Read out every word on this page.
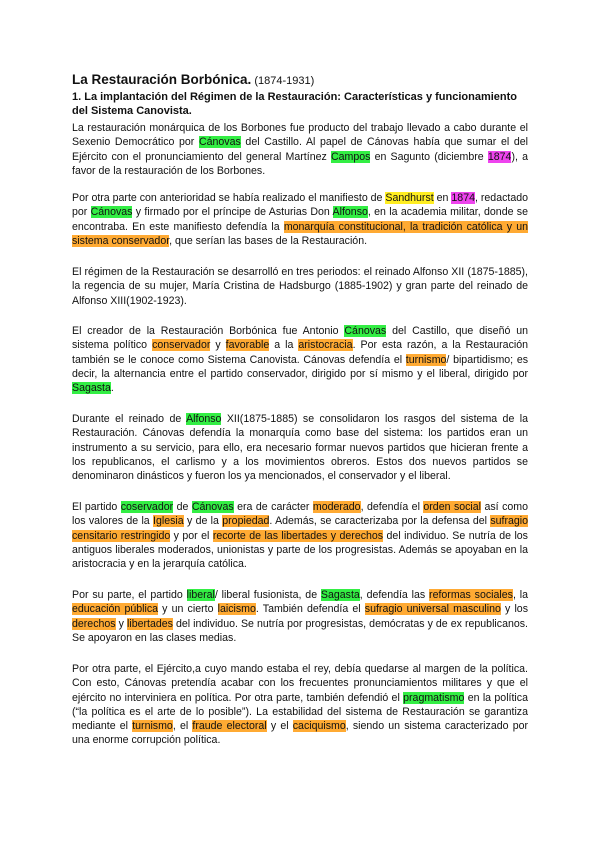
La Restauración Borbónica. (1874-1931)
1. La implantación del Régimen de la Restauración: Características y funcionamiento del Sistema Canovista.
La restauración monárquica de los Borbones fue producto del trabajo llevado a cabo durante el Sexenio Democrático por Cánovas del Castillo. Al papel de Cánovas había que sumar el del Ejército con el pronunciamiento del general Martínez Campos en Sagunto (diciembre 1874), a favor de la restauración de los Borbones.
Por otra parte con anterioridad se había realizado el manifiesto de Sandhurst en 1874, redactado por Cánovas y firmado por el príncipe de Asturias Don Alfonso, en la academia militar, donde se encontraba. En este manifiesto defendía la monarquía constitucional, la tradición católica y un sistema conservador, que serían las bases de la Restauración.
El régimen de la Restauración se desarrolló en tres periodos: el reinado Alfonso XII (1875-1885), la regencia de su mujer, María Cristina de Hadsburgo (1885-1902) y gran parte del reinado de Alfonso XIII(1902-1923).
El creador de la Restauración Borbónica fue Antonio Cánovas del Castillo, que diseñó un sistema político conservador y favorable a la aristocracia. Por esta razón, a la Restauración también se le conoce como Sistema Canovista. Cánovas defendía el turnismo/ bipartidismo; es decir, la alternancia entre el partido conservador, dirigido por sí mismo y el liberal, dirigido por Sagasta.
Durante el reinado de Alfonso XII(1875-1885) se consolidaron los rasgos del sistema de la Restauración. Cánovas defendía la monarquía como base del sistema: los partidos eran un instrumento a su servicio, para ello, era necesario formar nuevos partidos que hicieran frente a los republicanos, el carlismo y a los movimientos obreros. Estos dos nuevos partidos se denominaron dinásticos y fueron los ya mencionados, el conservador y el liberal.
El partido coservador de Cánovas era de carácter moderado, defendía el orden social así como los valores de la Iglesia y de la propiedad. Además, se caracterizaba por la defensa del sufragio censitario restringido y por el recorte de las libertades y derechos del individuo. Se nutría de los antiguos liberales moderados, unionistas y parte de los progresistas. Además se apoyaban en la aristocracia y en la jerarquía católica.
Por su parte, el partido liberal/ liberal fusionista, de Sagasta, defendía las reformas sociales, la educación pública y un cierto laicismo. También defendía el sufragio universal masculino y los derechos y libertades del individuo. Se nutría por progresistas, demócratas y de ex republicanos. Se apoyaron en las clases medias.
Por otra parte, el Ejército,a cuyo mando estaba el rey, debía quedarse al margen de la política. Con esto, Cánovas pretendía acabar con los frecuentes pronunciamientos militares y que el ejército no interviniera en política. Por otra parte, también defendió el pragmatismo en la política (“la política es el arte de lo posible”). La estabilidad del sistema de Restauración se garantiza mediante el turnismo, el fraude electoral y el caciquismo, siendo un sistema caracterizado por una enorme corrupción política.
